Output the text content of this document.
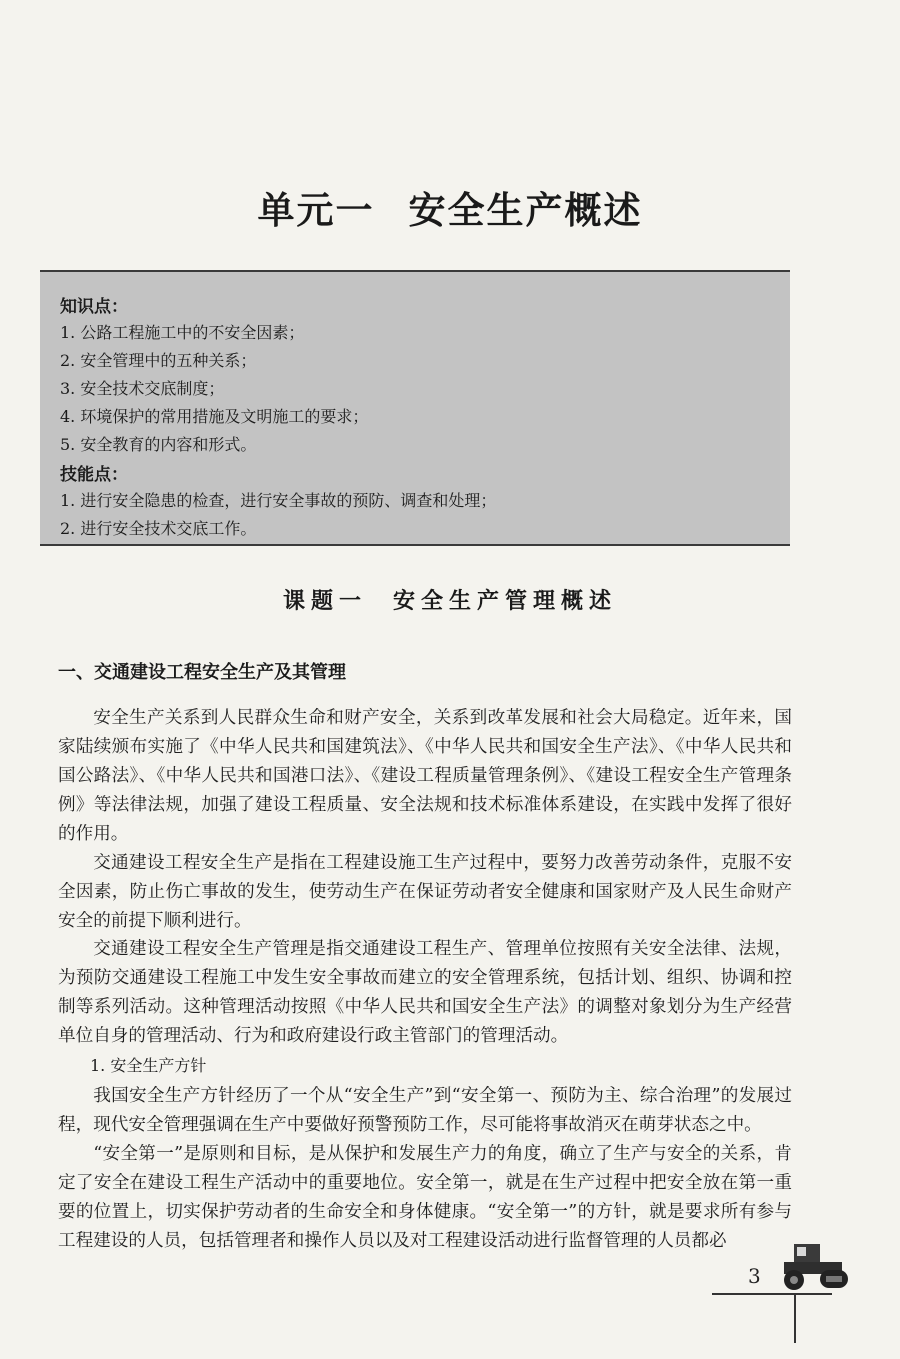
单元一 安全生产概述
知识点：
1. 公路工程施工中的不安全因素；
2. 安全管理中的五种关系；
3. 安全技术交底制度；
4. 环境保护的常用措施及文明施工的要求；
5. 安全教育的内容和形式。
技能点：
1. 进行安全隐患的检查，进行安全事故的预防、调查和处理；
2. 进行安全技术交底工作。
课题一 安全生产管理概述
一、交通建设工程安全生产及其管理

安全生产关系到人民群众生命和财产安全，关系到改革发展和社会大局稳定。近年来，国家陆续颁布实施了《中华人民共和国建筑法》、《中华人民共和国安全生产法》、《中华人民共和国公路法》、《中华人民共和国港口法》、《建设工程质量管理条例》、《建设工程安全生产管理条例》等法律法规，加强了建设工程质量、安全法规和技术标准体系建设，在实践中发挥了很好的作用。

交通建设工程安全生产是指在工程建设施工生产过程中，要努力改善劳动条件，克服不安全因素，防止伤亡事故的发生，使劳动生产在保证劳动者安全健康和国家财产及人民生命财产安全的前提下顺利进行。

交通建设工程安全生产管理是指交通建设工程生产、管理单位按照有关安全法律、法规，为预防交通建设工程施工中发生安全事故而建立的安全管理系统，包括计划、组织、协调和控制等系列活动。这种管理活动按照《中华人民共和国安全生产法》的调整对象划分为生产经营单位自身的管理活动、行为和政府建设行政主管部门的管理活动。

1. 安全生产方针

我国安全生产方针经历了一个从“安全生产”到“安全第一、预防为主、综合治理”的发展过程，现代安全管理强调在生产中要做好预警预防工作，尽可能将事故消灭在萌芽状态之中。

“安全第一”是原则和目标，是从保护和发展生产力的角度，确立了生产与安全的关系，肯定了安全在建设工程生产活动中的重要地位。安全第一，就是在生产过程中把安全放在第一重要的位置上，切实保护劳动者的生命安全和身体健康。“安全第一”的方针，就是要求所有参与工程建设的人员，包括管理者和操作人员以及对工程建设活动进行监督管理的人员都必

3
